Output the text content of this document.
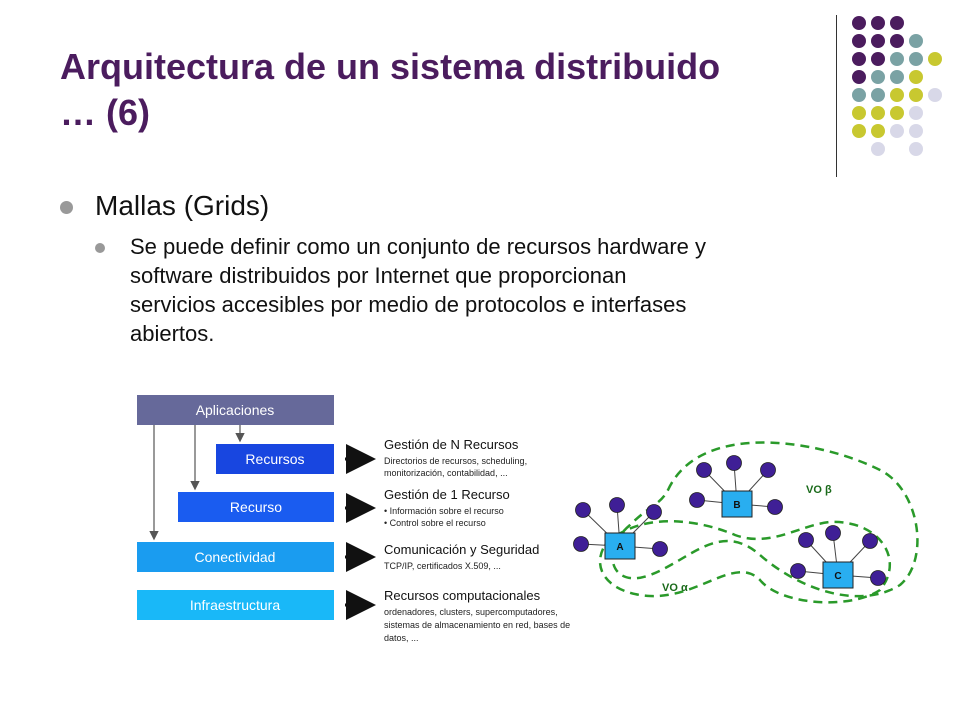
Arquitectura de un sistema distribuido
… (6)
Mallas (Grids)
Se puede definir como un conjunto de recursos hardware y
software distribuidos por Internet que proporcionan
servicios accesibles por medio de protocolos e interfases
abiertos.
Aplicaciones
Recursos
Recurso
Conectividad
Infraestructura
Gestión de N Recursos
Directorios de recursos, scheduling,
monitorización, contabilidad, ...
Gestión de 1 Recurso
• Información sobre el recurso
• Control sobre el recurso
Comunicación y Seguridad
TCP/IP, certificados X.509, ...
Recursos computacionales
ordenadores, clusters, supercomputadores,
sistemas de almacenamiento en red, bases de
datos, ...
A
B
C
VO β
VO α
